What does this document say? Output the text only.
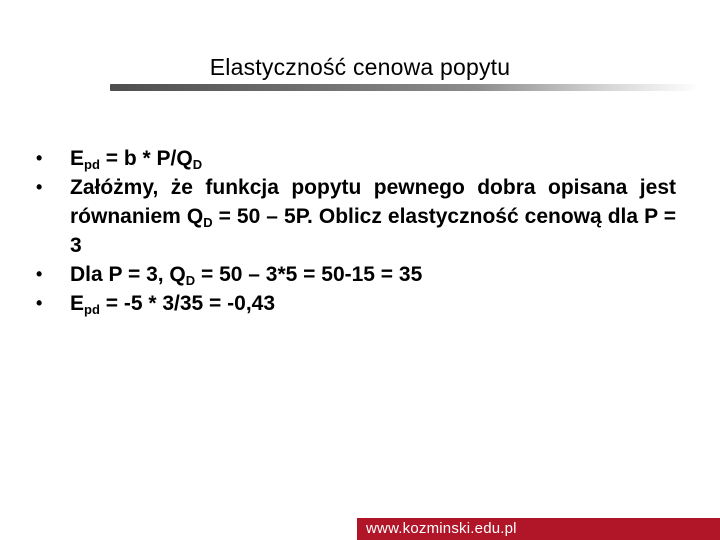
Elastyczność cenowa popytu
•	$E_{pd} = b * P/Q_D$
•	Załóżmy, że funkcja popytu pewnego dobra opisana jest równaniem $Q_D = 50 - 5P$. Oblicz elastyczność cenową dla P = 3
•	Dla P = 3, $Q_D = 50 - 3*5 = 50-15 = 35$
•	$E_{pd} = -5 * 3/35 = -0,43$
www.kozminski.edu.pl
